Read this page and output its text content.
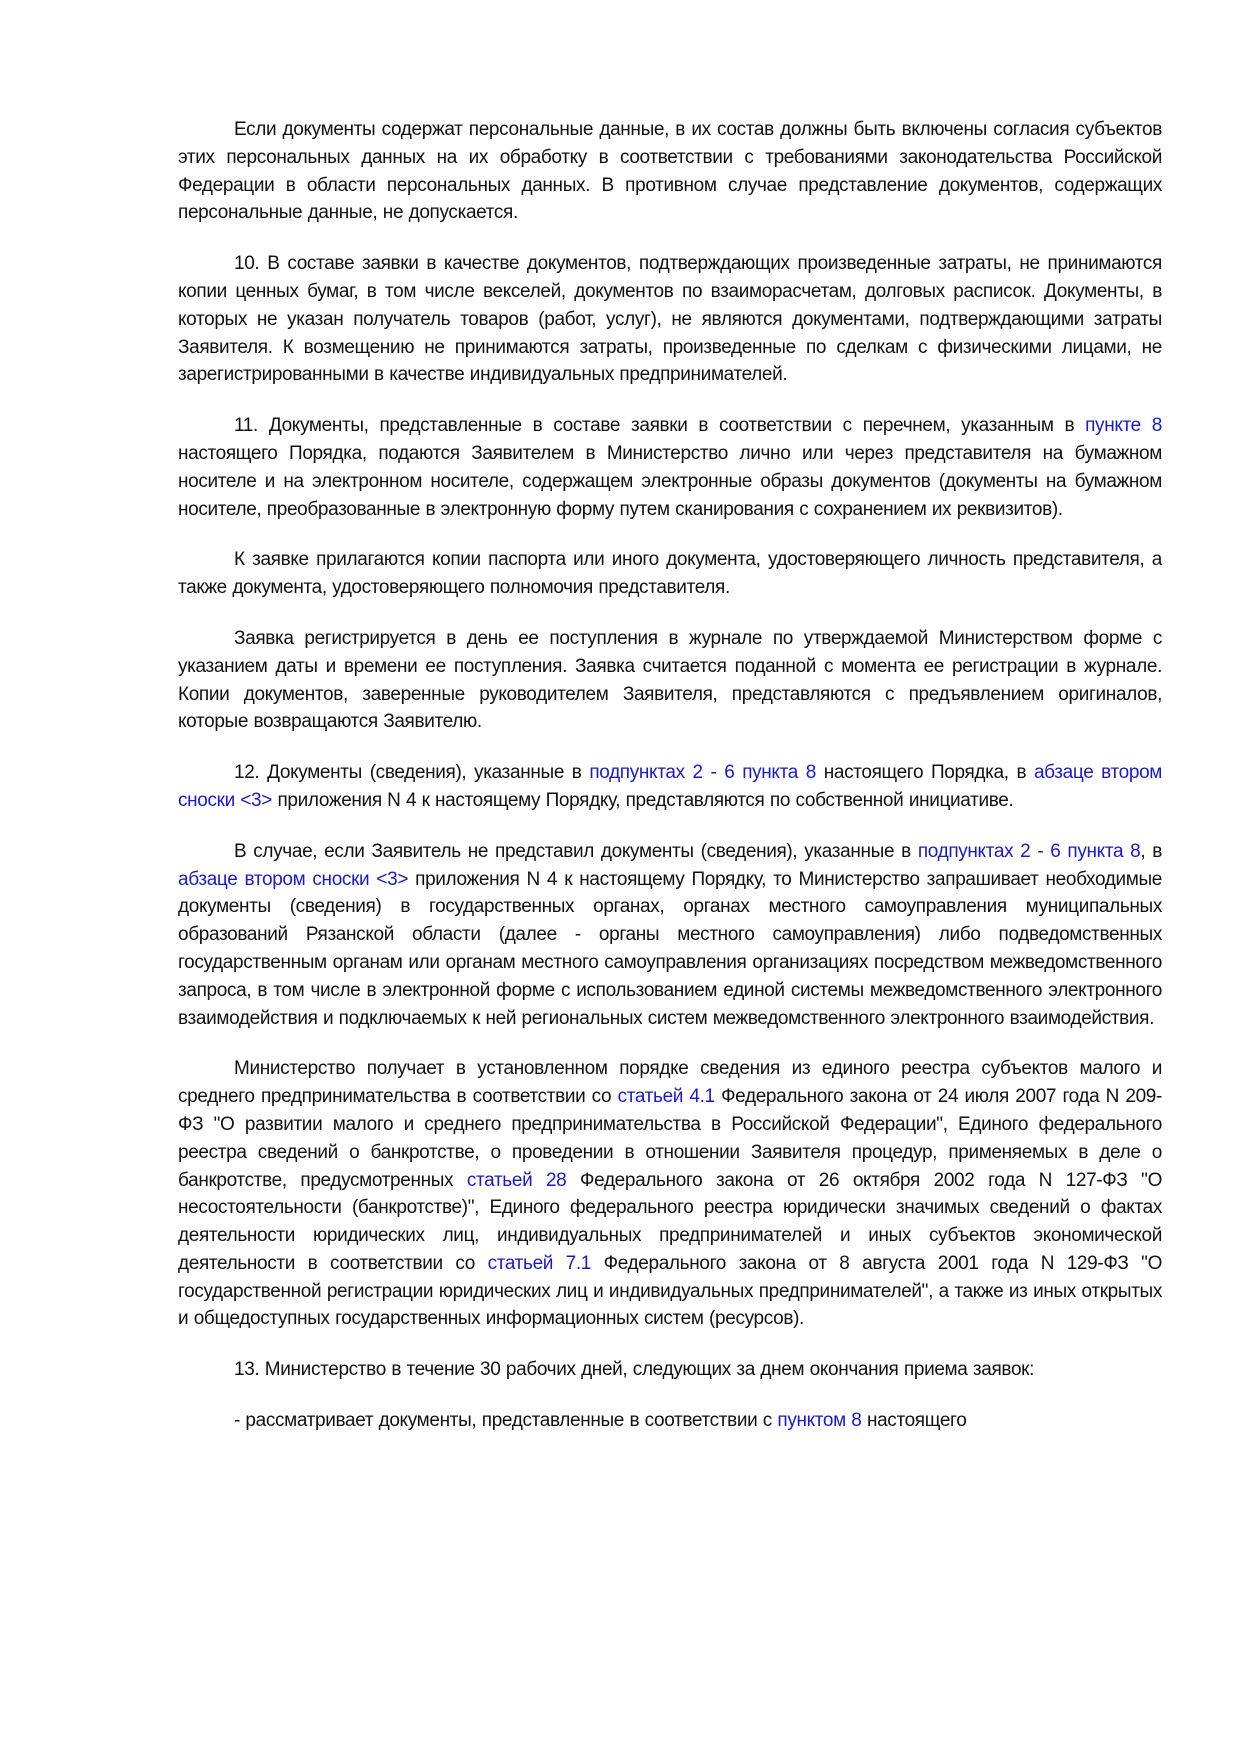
Если документы содержат персональные данные, в их состав должны быть включены согласия субъектов этих персональных данных на их обработку в соответствии с требованиями законодательства Российской Федерации в области персональных данных. В противном случае представление документов, содержащих персональные данные, не допускается.

10. В составе заявки в качестве документов, подтверждающих произведенные затраты, не принимаются копии ценных бумаг, в том числе векселей, документов по взаиморасчетам, долговых расписок. Документы, в которых не указан получатель товаров (работ, услуг), не являются документами, подтверждающими затраты Заявителя. К возмещению не принимаются затраты, произведенные по сделкам с физическими лицами, не зарегистрированными в качестве индивидуальных предпринимателей.

11. Документы, представленные в составе заявки в соответствии с перечнем, указанным в пункте 8 настоящего Порядка, подаются Заявителем в Министерство лично или через представителя на бумажном носителе и на электронном носителе, содержащем электронные образы документов (документы на бумажном носителе, преобразованные в электронную форму путем сканирования с сохранением их реквизитов).

К заявке прилагаются копии паспорта или иного документа, удостоверяющего личность представителя, а также документа, удостоверяющего полномочия представителя.

Заявка регистрируется в день ее поступления в журнале по утверждаемой Министерством форме с указанием даты и времени ее поступления. Заявка считается поданной с момента ее регистрации в журнале. Копии документов, заверенные руководителем Заявителя, представляются с предъявлением оригиналов, которые возвращаются Заявителю.

12. Документы (сведения), указанные в подпунктах 2 - 6 пункта 8 настоящего Порядка, в абзаце втором сноски <3> приложения N 4 к настоящему Порядку, представляются по собственной инициативе.

В случае, если Заявитель не представил документы (сведения), указанные в подпунктах 2 - 6 пункта 8, в абзаце втором сноски <3> приложения N 4 к настоящему Порядку, то Министерство запрашивает необходимые документы (сведения) в государственных органах, органах местного самоуправления муниципальных образований Рязанской области (далее - органы местного самоуправления) либо подведомственных государственным органам или органам местного самоуправления организациях посредством межведомственного запроса, в том числе в электронной форме с использованием единой системы межведомственного электронного взаимодействия и подключаемых к ней региональных систем межведомственного электронного взаимодействия.

Министерство получает в установленном порядке сведения из единого реестра субъектов малого и среднего предпринимательства в соответствии со статьей 4.1 Федерального закона от 24 июля 2007 года N 209-ФЗ "О развитии малого и среднего предпринимательства в Российской Федерации", Единого федерального реестра сведений о банкротстве, о проведении в отношении Заявителя процедур, применяемых в деле о банкротстве, предусмотренных статьей 28 Федерального закона от 26 октября 2002 года N 127-ФЗ "О несостоятельности (банкротстве)", Единого федерального реестра юридически значимых сведений о фактах деятельности юридических лиц, индивидуальных предпринимателей и иных субъектов экономической деятельности в соответствии со статьей 7.1 Федерального закона от 8 августа 2001 года N 129-ФЗ "О государственной регистрации юридических лиц и индивидуальных предпринимателей", а также из иных открытых и общедоступных государственных информационных систем (ресурсов).

13. Министерство в течение 30 рабочих дней, следующих за днем окончания приема заявок:

- рассматривает документы, представленные в соответствии с пунктом 8 настоящего
